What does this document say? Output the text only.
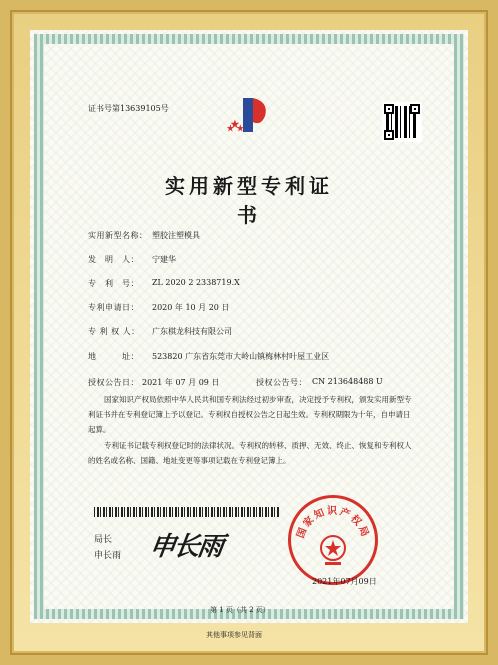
证书号第13639105号
实用新型专利证书
实用新型名称： 塑胶注塑模具
发　明　人： 宁建华
专　利　号： ZL 2020 2 2338719.X
专利申请日： 2020 年 10 月 20 日
专 利 权 人： 广东棋龙科技有限公司
地　　　址： 523820 广东省东莞市大岭山镇梅林村叶屋工业区
授权公告日： 2021 年 07 月 09 日	授权公告号： CN 213648488 U
国家知识产权局依照中华人民共和国专利法经过初步审查，决定授予专利权，颁发实用新型专利证书并在专利登记簿上予以登记。专利权自授权公告之日起生效。专利权期限为十年，自申请日起算。
专利证书记载专利权登记时的法律状况。专利权的转移、质押、无效、终止、恢复和专利权人的姓名或名称、国籍、地址变更等事项记载在专利登记簿上。
局长
申长雨 申长雨	国家知识产权局
2021年07月09日
第 1 页（共 2 页）
其他事项参见背面
